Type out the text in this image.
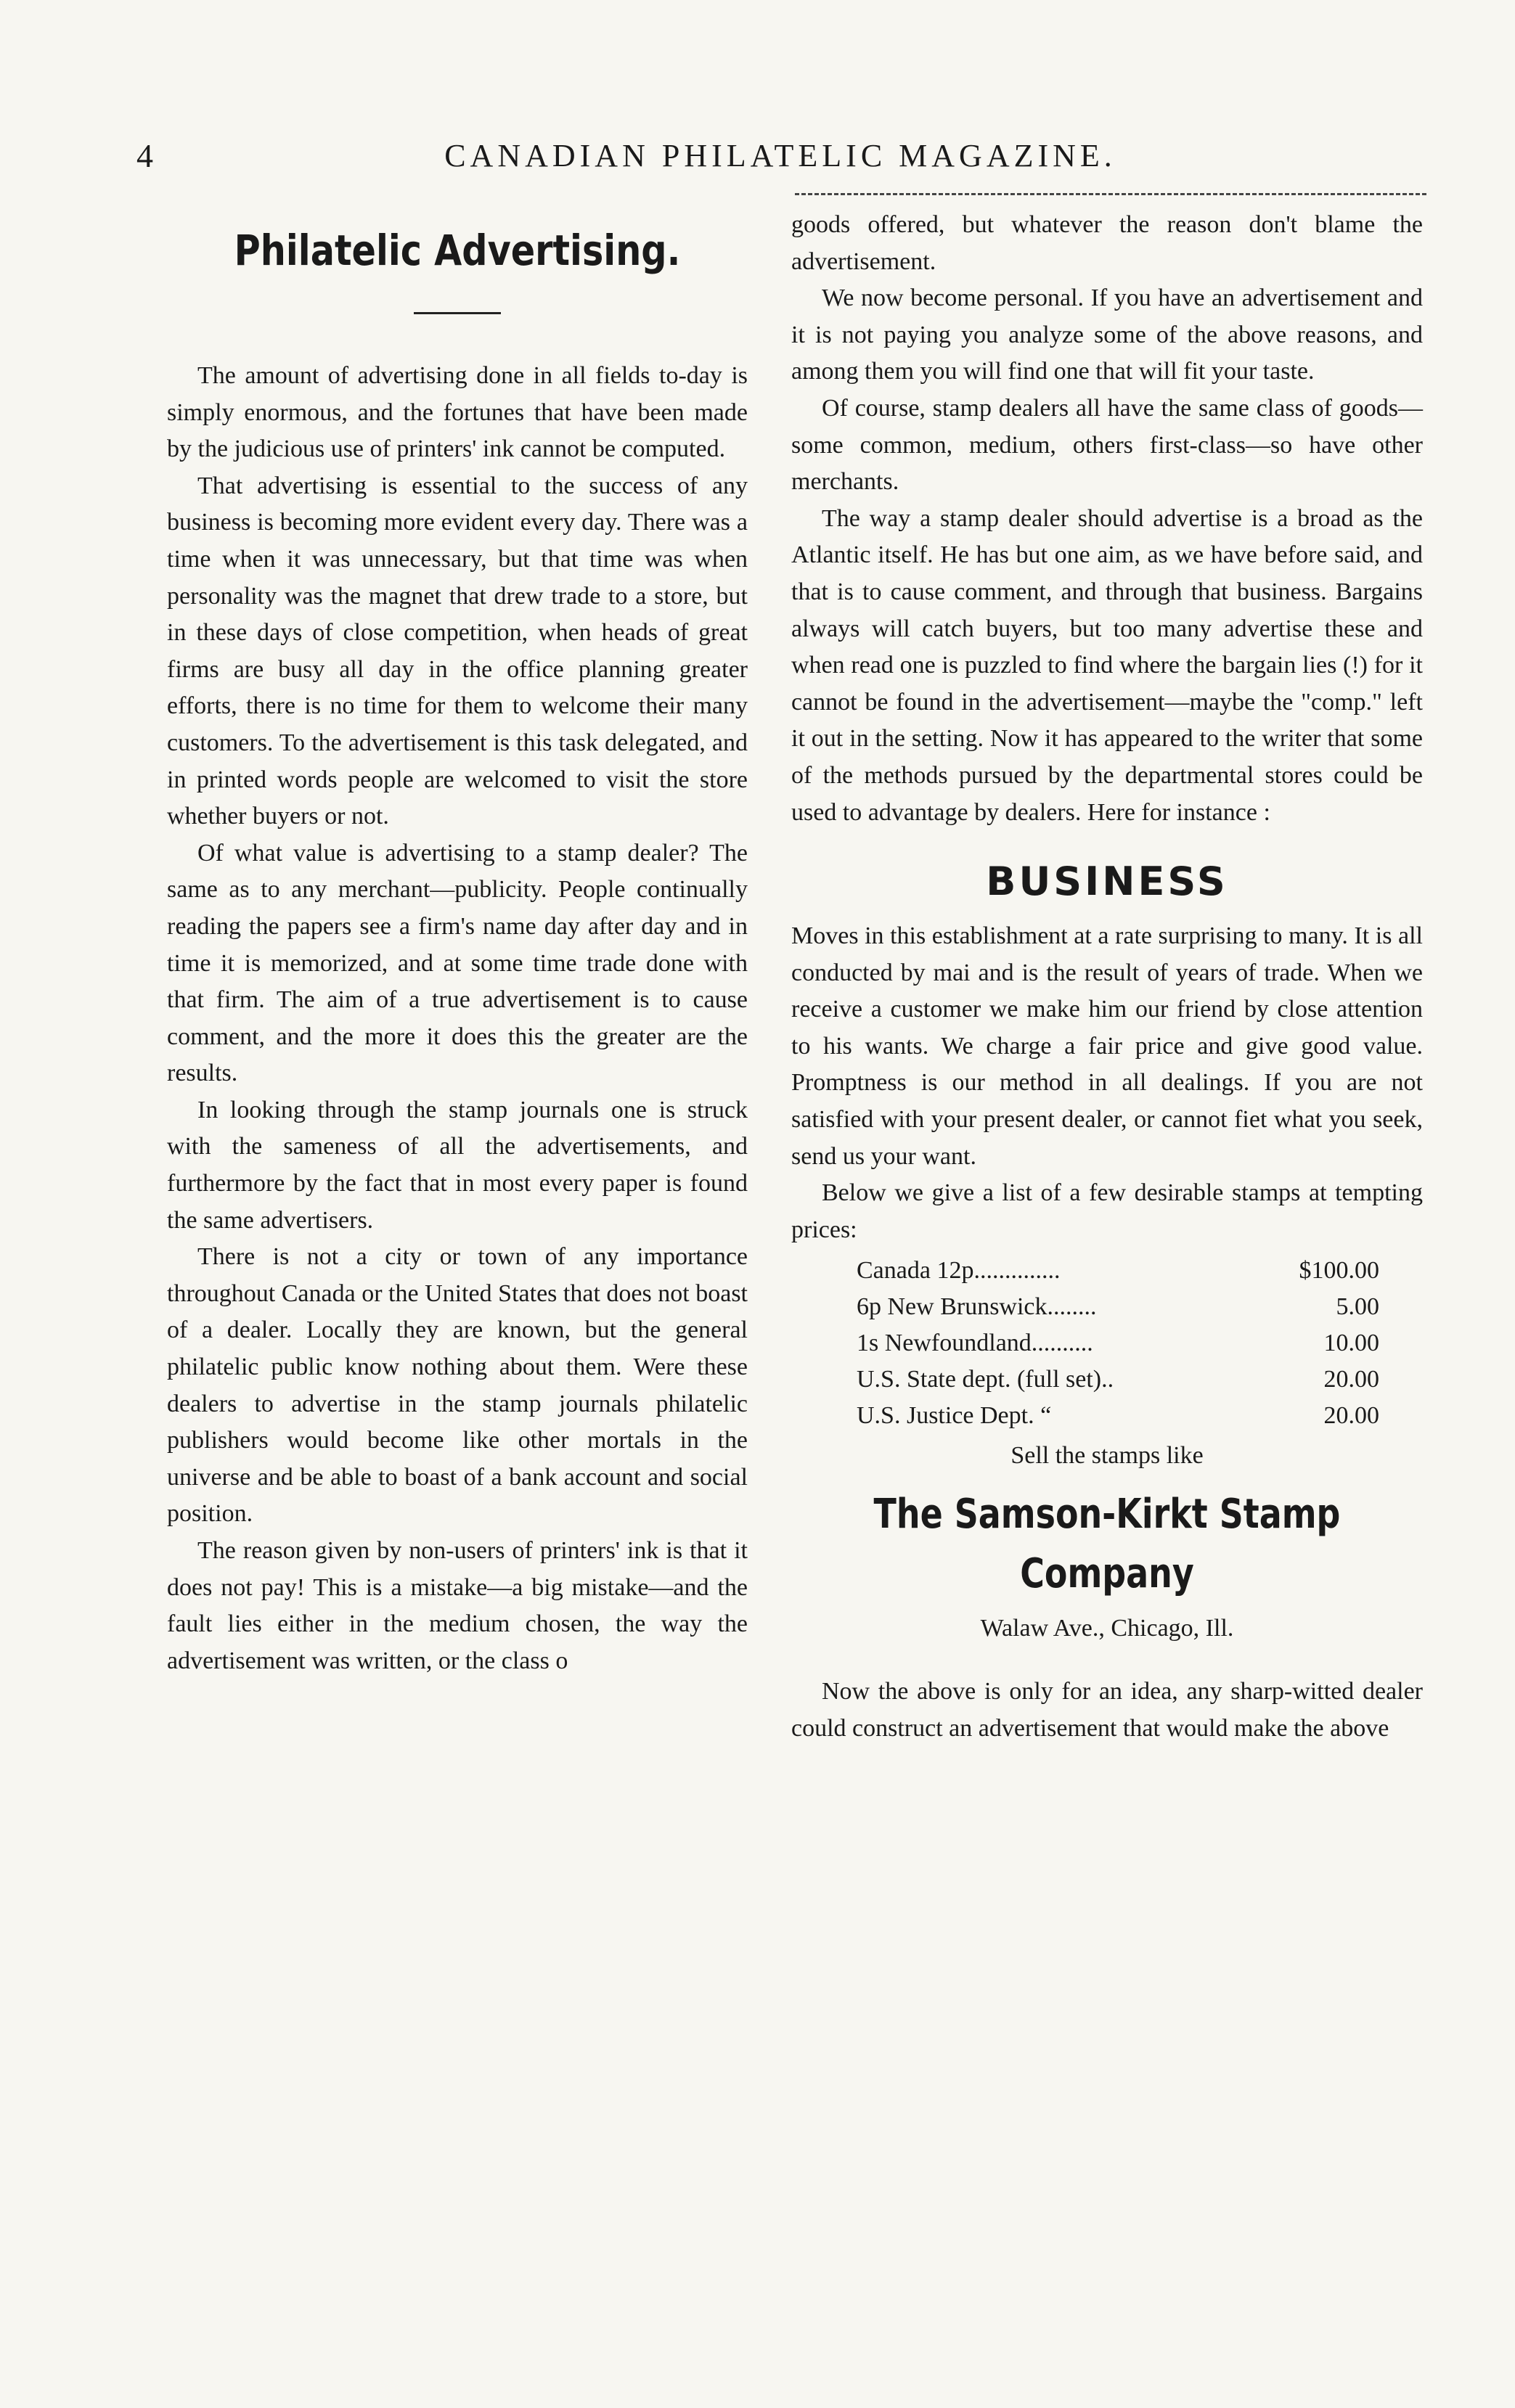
4	CANADIAN PHILATELIC MAGAZINE.
Philatelic Advertising.

The amount of advertising done in all fields to-day is simply enormous, and the fortunes that have been made by the judicious use of printers' ink cannot be computed.

That advertising is essential to the success of any business is becoming more evident every day. There was a time when it was unnecessary, but that time was when personality was the magnet that drew trade to a store, but in these days of close competition, when heads of great firms are busy all day in the office planning greater efforts, there is no time for them to welcome their many customers. To the advertisement is this task delegated, and in printed words people are welcomed to visit the store whether buyers or not.

Of what value is advertising to a stamp dealer? The same as to any merchant—publicity. People continually reading the papers see a firm's name day after day and in time it is memorized, and at some time trade done with that firm. The aim of a true advertisement is to cause comment, and the more it does this the greater are the results.

In looking through the stamp journals one is struck with the sameness of all the advertisements, and furthermore by the fact that in most every paper is found the same advertisers.

There is not a city or town of any importance throughout Canada or the United States that does not boast of a dealer. Locally they are known, but the general philatelic public know nothing about them. Were these dealers to advertise in the stamp journals philatelic publishers would become like other mortals in the universe and be able to boast of a bank account and social position.

The reason given by non-users of printers' ink is that it does not pay! This is a mistake—a big mistake—and the fault lies either in the medium chosen, the way the advertisement was written, or the class o

goods offered, but whatever the reason don't blame the advertisement.

We now become personal. If you have an advertisement and it is not paying you analyze some of the above reasons, and among them you will find one that will fit your taste.

Of course, stamp dealers all have the same class of goods—some common, medium, others first-class—so have other merchants.

The way a stamp dealer should advertise is a broad as the Atlantic itself. He has but one aim, as we have before said, and that is to cause comment, and through that business. Bargains always will catch buyers, but too many advertise these and when read one is puzzled to find where the bargain lies (!) for it cannot be found in the advertisement—maybe the "comp." left it out in the setting. Now it has appeared to the writer that some of the methods pursued by the departmental stores could be used to advantage by dealers. Here for instance :

BUSINESS

Moves in this establishment at a rate surprising to many. It is all conducted by mai and is the result of years of trade. When we receive a customer we make him our friend by close attention to his wants. We charge a fair price and give good value. Promptness is our method in all dealings. If you are not satisfied with your present dealer, or cannot fiet what you seek, send us your want.

Below we give a list of a few desirable stamps at tempting prices:

Canada 12p..............	$100.00
6p New Brunswick........	5.00
1s Newfoundland..........	10.00
U.S. State dept. (full set)..	20.00
U.S. Justice Dept. “	20.00
Sell the stamps like
The Samson-Kirkt Stamp Company
Walaw Ave., Chicago, Ill.

Now the above is only for an idea, any sharp-witted dealer could construct an advertisement that would make the above
